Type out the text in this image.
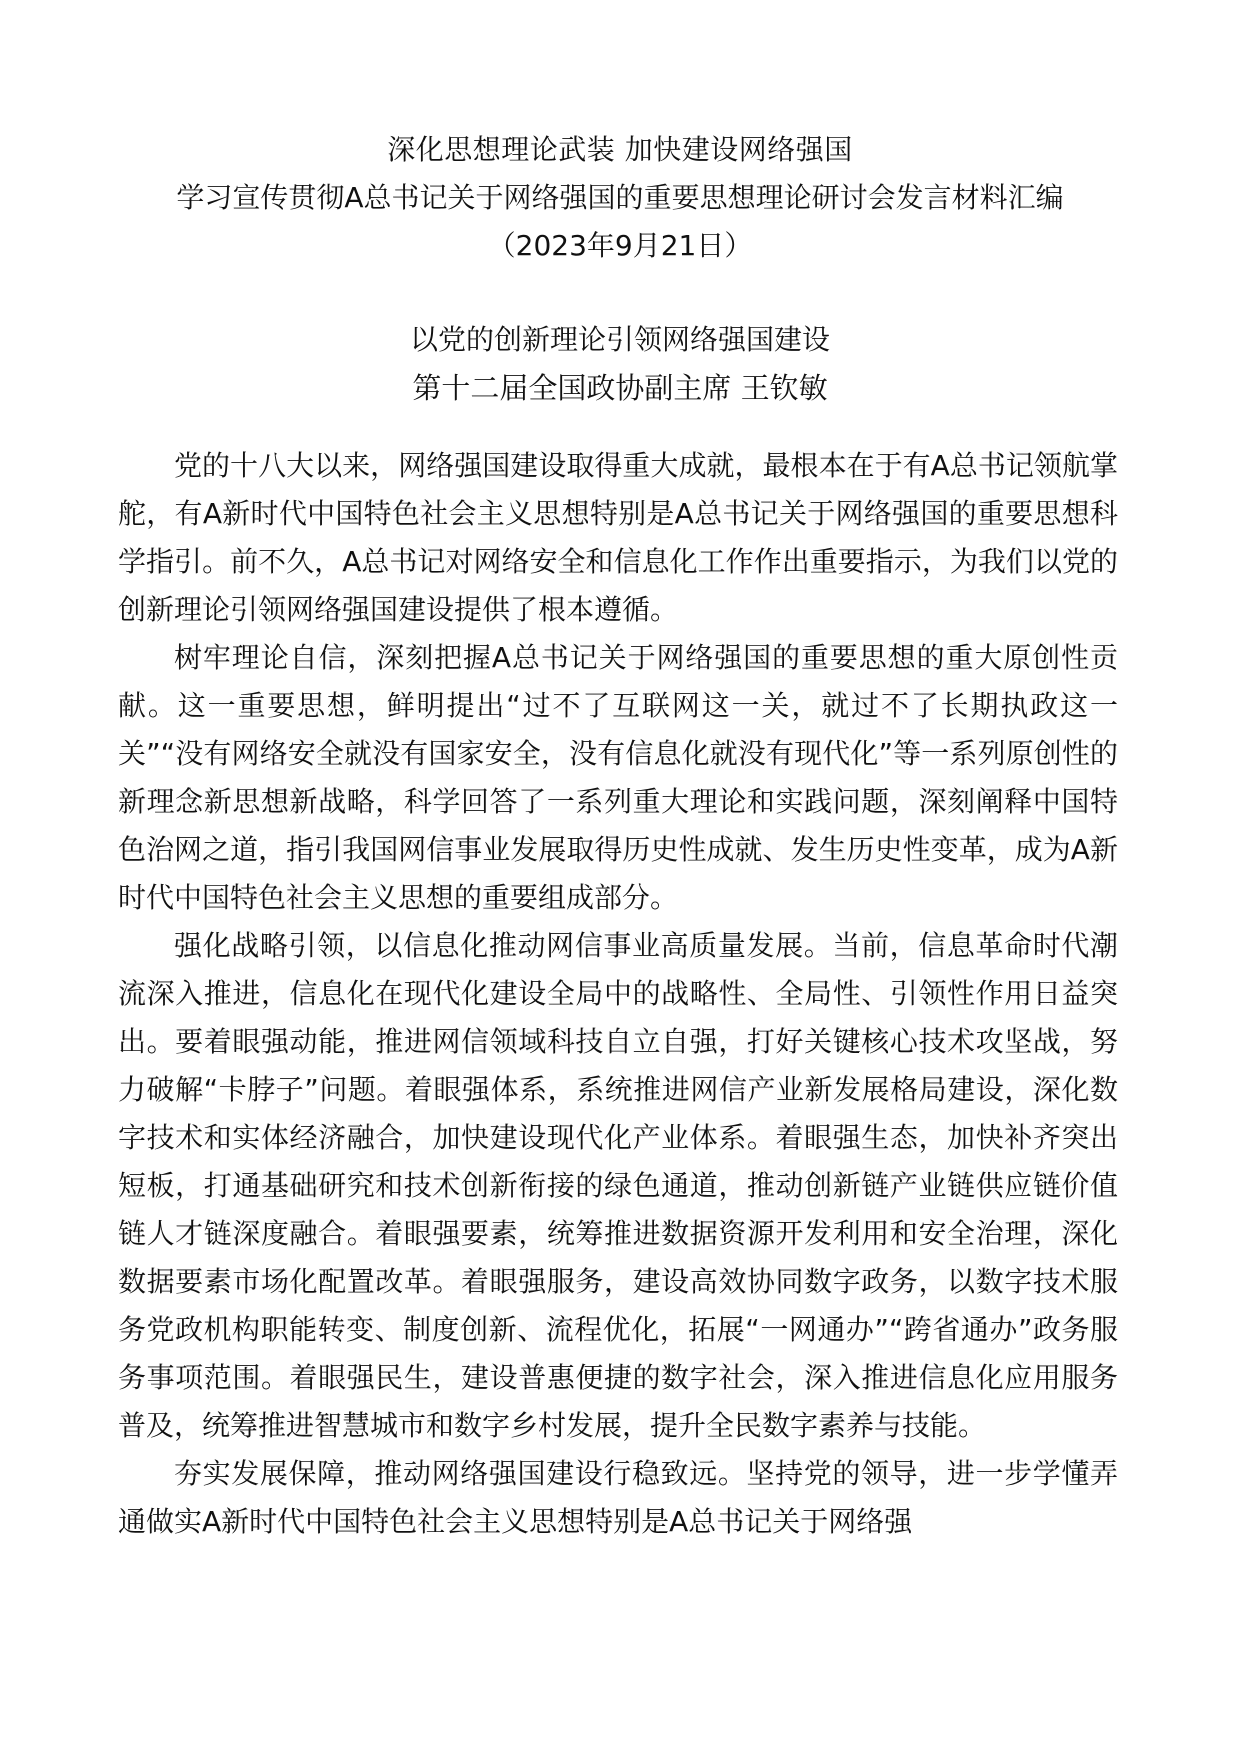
深化思想理论武装 加快建设网络强国
学习宣传贯彻A总书记关于网络强国的重要思想理论研讨会发言材料汇编
（2023年9月21日）
以党的创新理论引领网络强国建设
第十二届全国政协副主席 王钦敏

党的十八大以来，网络强国建设取得重大成就，最根本在于有A总书记领航掌舵，有A新时代中国特色社会主义思想特别是A总书记关于网络强国的重要思想科学指引。前不久，A总书记对网络安全和信息化工作作出重要指示，为我们以党的创新理论引领网络强国建设提供了根本遵循。

树牢理论自信，深刻把握A总书记关于网络强国的重要思想的重大原创性贡献。这一重要思想，鲜明提出“过不了互联网这一关，就过不了长期执政这一关”“没有网络安全就没有国家安全，没有信息化就没有现代化”等一系列原创性的新理念新思想新战略，科学回答了一系列重大理论和实践问题，深刻阐释中国特色治网之道，指引我国网信事业发展取得历史性成就、发生历史性变革，成为A新时代中国特色社会主义思想的重要组成部分。

强化战略引领，以信息化推动网信事业高质量发展。当前，信息革命时代潮流深入推进，信息化在现代化建设全局中的战略性、全局性、引领性作用日益突出。要着眼强动能，推进网信领域科技自立自强，打好关键核心技术攻坚战，努力破解“卡脖子”问题。着眼强体系，系统推进网信产业新发展格局建设，深化数字技术和实体经济融合，加快建设现代化产业体系。着眼强生态，加快补齐突出短板，打通基础研究和技术创新衔接的绿色通道，推动创新链产业链供应链价值链人才链深度融合。着眼强要素，统筹推进数据资源开发利用和安全治理，深化数据要素市场化配置改革。着眼强服务，建设高效协同数字政务，以数字技术服务党政机构职能转变、制度创新、流程优化，拓展“一网通办”“跨省通办”政务服务事项范围。着眼强民生，建设普惠便捷的数字社会，深入推进信息化应用服务普及，统筹推进智慧城市和数字乡村发展，提升全民数字素养与技能。

夯实发展保障，推动网络强国建设行稳致远。坚持党的领导，进一步学懂弄通做实A新时代中国特色社会主义思想特别是A总书记关于网络强
